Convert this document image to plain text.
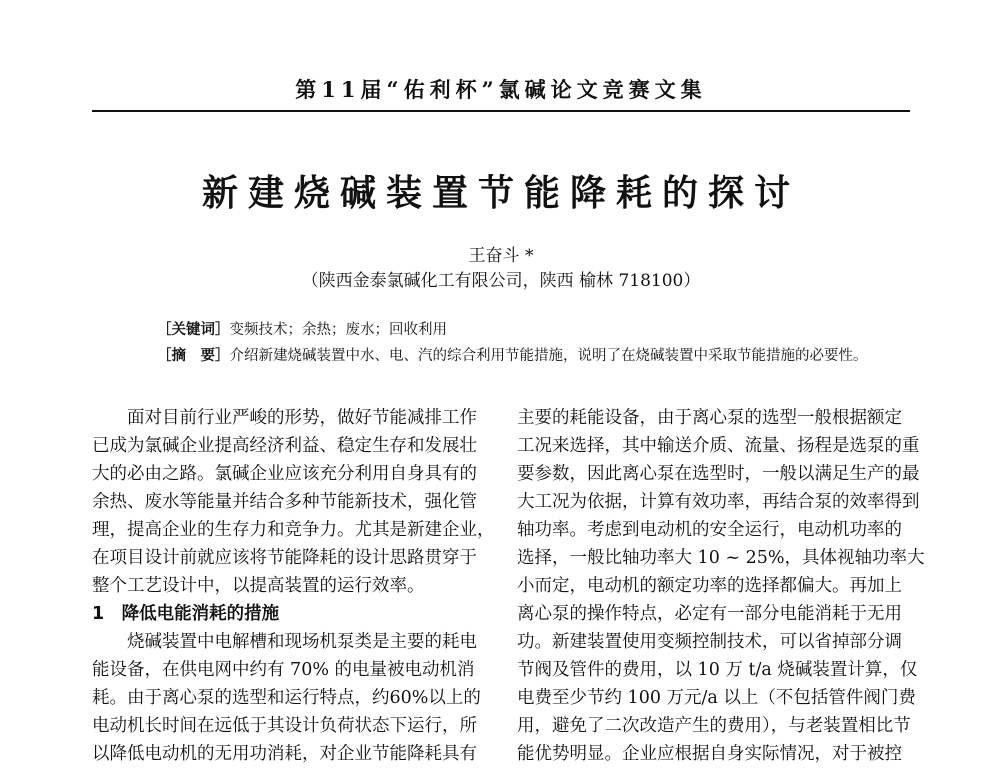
第11届“佑利杯”氯碱论文竞赛文集
新建烧碱装置节能降耗的探讨
王奋斗 *
（陕西金泰氯碱化工有限公司，陕西 榆林 718100）
［关键词］变频技术；余热；废水；回收利用
［摘　要］介绍新建烧碱装置中水、电、汽的综合利用节能措施，说明了在烧碱装置中采取节能措施的必要性。
　　面对目前行业严峻的形势，做好节能减排工作
已成为氯碱企业提高经济利益、稳定生存和发展壮
大的必由之路。氯碱企业应该充分利用自身具有的
余热、废水等能量并结合多种节能新技术，强化管
理，提高企业的生存力和竞争力。尤其是新建企业，
在项目设计前就应该将节能降耗的设计思路贯穿于
整个工艺设计中，以提高装置的运行效率。
1　降低电能消耗的措施
　　烧碱装置中电解槽和现场机泵类是主要的耗电
能设备，在供电网中约有 70% 的电量被电动机消
耗。由于离心泵的选型和运行特点，约60%以上的
电动机长时间在远低于其设计负荷状态下运行，所
以降低电动机的无用功消耗，对企业节能降耗具有
主要的耗能设备，由于离心泵的选型一般根据额定
工况来选择，其中输送介质、流量、扬程是选泵的重
要参数，因此离心泵在选型时，一般以满足生产的最
大工况为依据，计算有效功率，再结合泵的效率得到
轴功率。考虑到电动机的安全运行，电动机功率的
选择，一般比轴功率大 10 ~ 25%，具体视轴功率大
小而定，电动机的额定功率的选择都偏大。再加上
离心泵的操作特点，必定有一部分电能消耗于无用
功。新建装置使用变频控制技术，可以省掉部分调
节阀及管件的费用，以 10 万 t/a 烧碱装置计算，仅
电费至少节约 100 万元/a 以上（不包括管件阀门费
用，避免了二次改造产生的费用），与老装置相比节
能优势明显。企业应根据自身实际情况，对于被控
